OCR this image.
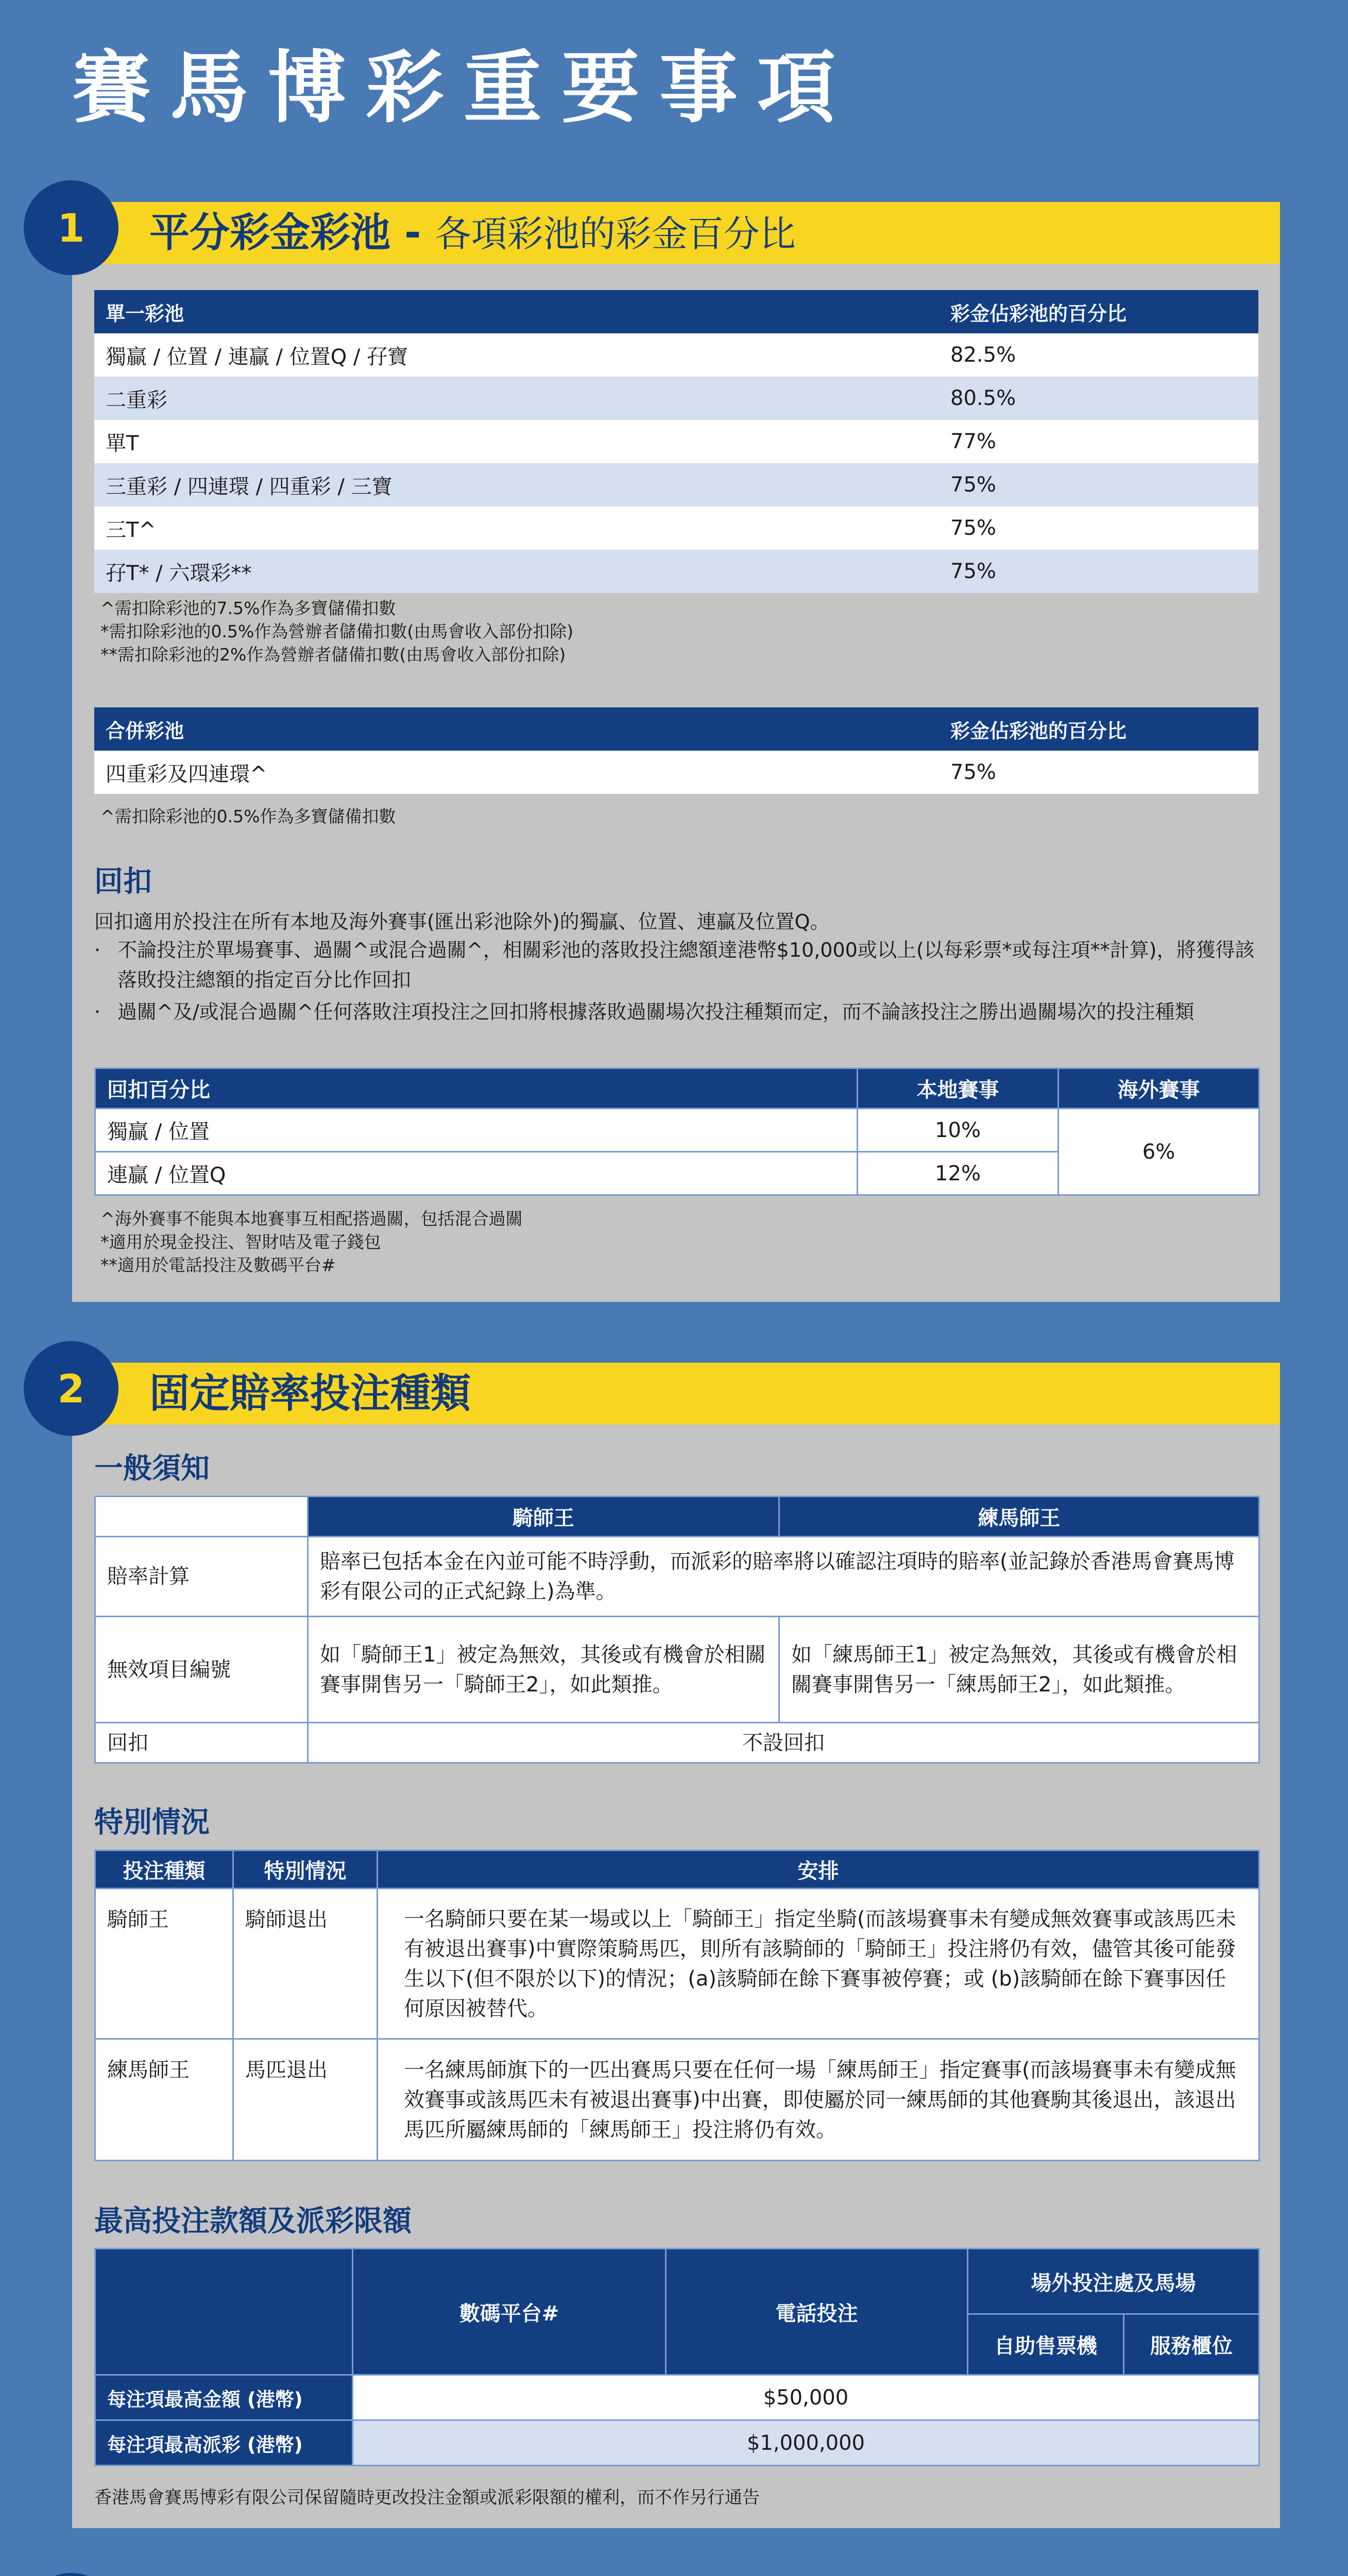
賽馬博彩重要事項
1	平分彩金彩池 - 各項彩池的彩金百分比
單一彩池	彩金佔彩池的百分比
獨贏 / 位置 / 連贏 / 位置Q / 孖寶	82.5%
二重彩	80.5%
單T	77%
三重彩 / 四連環 / 四重彩 / 三寶	75%
三T^	75%
孖T* / 六環彩**	75%
^需扣除彩池的7.5%作為多寶儲備扣數
*需扣除彩池的0.5%作為營辦者儲備扣數(由馬會收入部份扣除)
**需扣除彩池的2%作為營辦者儲備扣數(由馬會收入部份扣除)
合併彩池	彩金佔彩池的百分比
四重彩及四連環^	75%
^需扣除彩池的0.5%作為多寶儲備扣數
回扣
回扣適用於投注在所有本地及海外賽事(匯出彩池除外)的獨贏、位置、連贏及位置Q。
· 不論投注於單場賽事、過關^或混合過關^，相關彩池的落敗投注總額達港幣$10,000或以上(以每彩票*或每注項**計算)，將獲得該落敗投注總額的指定百分比作回扣
· 過關^及/或混合過關^任何落敗注項投注之回扣將根據落敗過關場次投注種類而定，而不論該投注之勝出過關場次的投注種類
回扣百分比	本地賽事	海外賽事
獨贏 / 位置	10%	6%
連贏 / 位置Q	12%	
^海外賽事不能與本地賽事互相配搭過關，包括混合過關
*適用於現金投注、智財咭及電子錢包
**適用於電話投注及數碼平台#
2	固定賠率投注種類
一般須知
	騎師王	練馬師王
賠率計算	賠率已包括本金在內並可能不時浮動，而派彩的賠率將以確認注項時的賠率(並記錄於香港馬會賽馬博彩有限公司的正式紀錄上)為準。	
無效項目編號	如「騎師王1」被定為無效，其後或有機會於相關賽事開售另一「騎師王2」，如此類推。	如「練馬師王1」被定為無效，其後或有機會於相關賽事開售另一「練馬師王2」，如此類推。
回扣	不設回扣	
特別情況
投注種類	特別情況	安排
騎師王	騎師退出	一名騎師只要在某一場或以上「騎師王」指定坐騎(而該場賽事未有變成無效賽事或該馬匹未有被退出賽事)中實際策騎馬匹，則所有該騎師的「騎師王」投注將仍有效，儘管其後可能發生以下(但不限於以下)的情況；(a)該騎師在餘下賽事被停賽；或 (b)該騎師在餘下賽事因任何原因被替代。
練馬師王	馬匹退出	一名練馬師旗下的一匹出賽馬只要在任何一場「練馬師王」指定賽事(而該場賽事未有變成無效賽事或該馬匹未有被退出賽事)中出賽，即使屬於同一練馬師的其他賽駒其後退出，該退出馬匹所屬練馬師的「練馬師王」投注將仍有效。
最高投注款額及派彩限額
	數碼平台#	電話投注	場外投注處及馬場	
			自助售票機	服務櫃位
每注項最高金額 (港幣)	$50,000			
每注項最高派彩 (港幣)	$1,000,000			
香港馬會賽馬博彩有限公司保留隨時更改投注金額或派彩限額的權利，而不作另行通告
